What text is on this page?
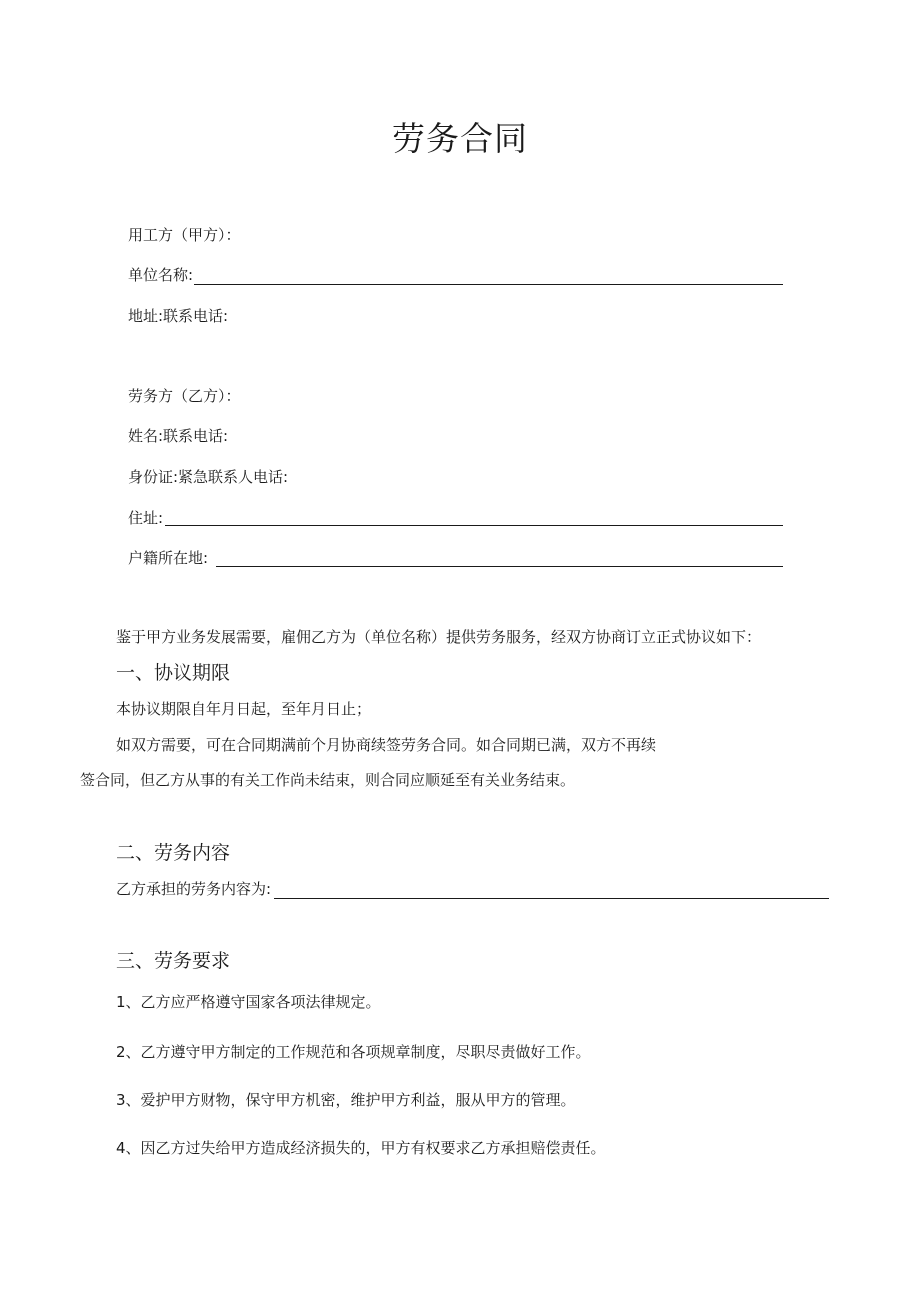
劳务合同
用工方（甲方）：
单位名称:
地址:联系电话:
劳务方（乙方）：
姓名:联系电话:
身份证:紧急联系人电话:
住址:
户籍所在地:
鉴于甲方业务发展需要，雇佣乙方为（单位名称）提供劳务服务，经双方协商订立正式协议如下：
一、协议期限
本协议期限自年月日起，至年月日止；
如双方需要，可在合同期满前个月协商续签劳务合同。如合同期已满，双方不再续
签合同，但乙方从事的有关工作尚未结束，则合同应顺延至有关业务结束。
二、劳务内容
乙方承担的劳务内容为:
三、劳务要求
1、乙方应严格遵守国家各项法律规定。
2、乙方遵守甲方制定的工作规范和各项规章制度，尽职尽责做好工作。
3、爱护甲方财物，保守甲方机密，维护甲方利益，服从甲方的管理。
4、因乙方过失给甲方造成经济损失的，甲方有权要求乙方承担赔偿责任。
